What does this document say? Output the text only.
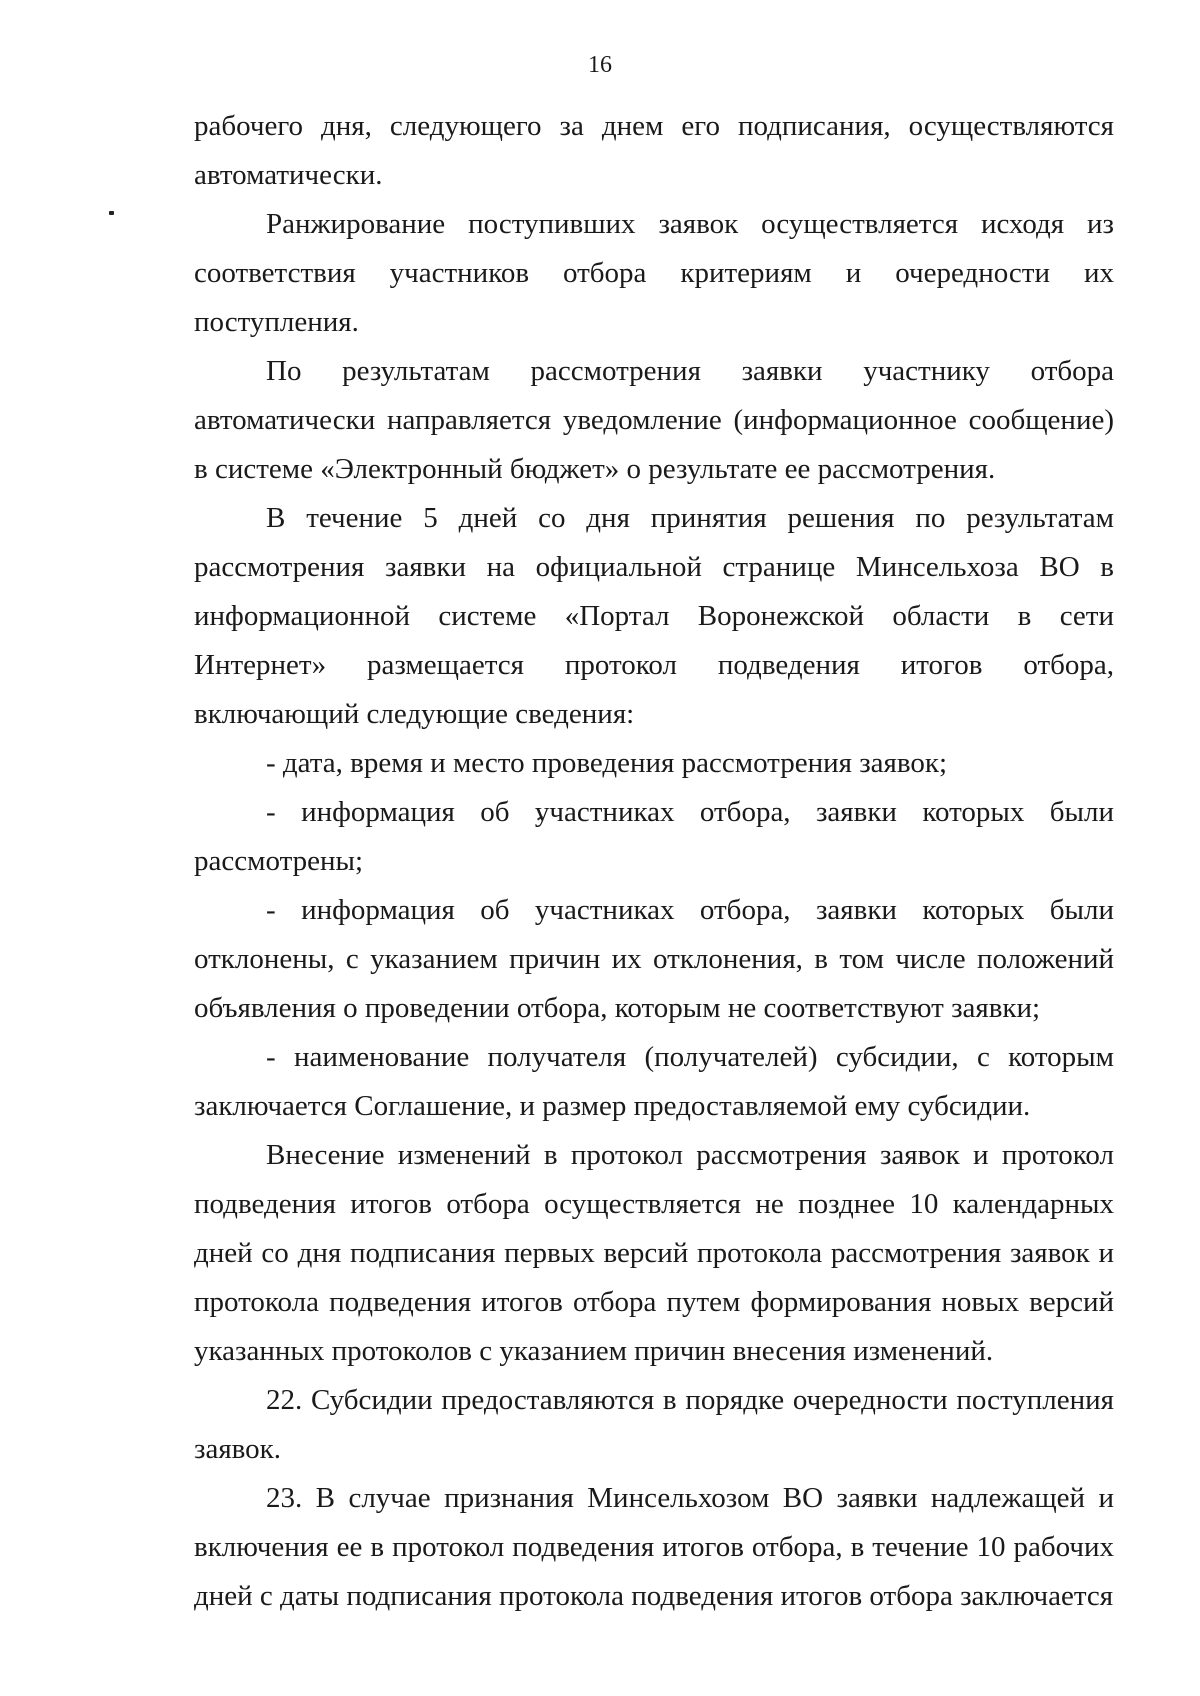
16

рабочего дня, следующего за днем его подписания, осуществляются автоматически.

Ранжирование поступивших заявок осуществляется исходя из соответствия участников отбора критериям и очередности их поступления.

По результатам рассмотрения заявки участнику отбора автоматически направляется уведомление (информационное сообщение) в системе «Электронный бюджет» о результате ее рассмотрения.

В течение 5 дней со дня принятия решения по результатам рассмотрения заявки на официальной странице Минсельхоза ВО в информационной системе «Портал Воронежской области в сети Интернет» размещается протокол подведения итогов отбора, включающий следующие сведения:

- дата, время и место проведения рассмотрения заявок;

- информация об участниках отбора, заявки которых были рассмотрены;

- информация об участниках отбора, заявки которых были отклонены, с указанием причин их отклонения, в том числе положений объявления о проведении отбора, которым не соответствуют заявки;

- наименование получателя (получателей) субсидии, с которым заключается Соглашение, и размер предоставляемой ему субсидии.

Внесение изменений в протокол рассмотрения заявок и протокол подведения итогов отбора осуществляется не позднее 10 календарных дней со дня подписания первых версий протокола рассмотрения заявок и протокола подведения итогов отбора путем формирования новых версий указанных протоколов с указанием причин внесения изменений.

22. Субсидии предоставляются в порядке очередности поступления заявок.

23. В случае признания Минсельхозом ВО заявки надлежащей и включения ее в протокол подведения итогов отбора, в течение 10 рабочих дней с даты подписания протокола подведения итогов отбора заключается
